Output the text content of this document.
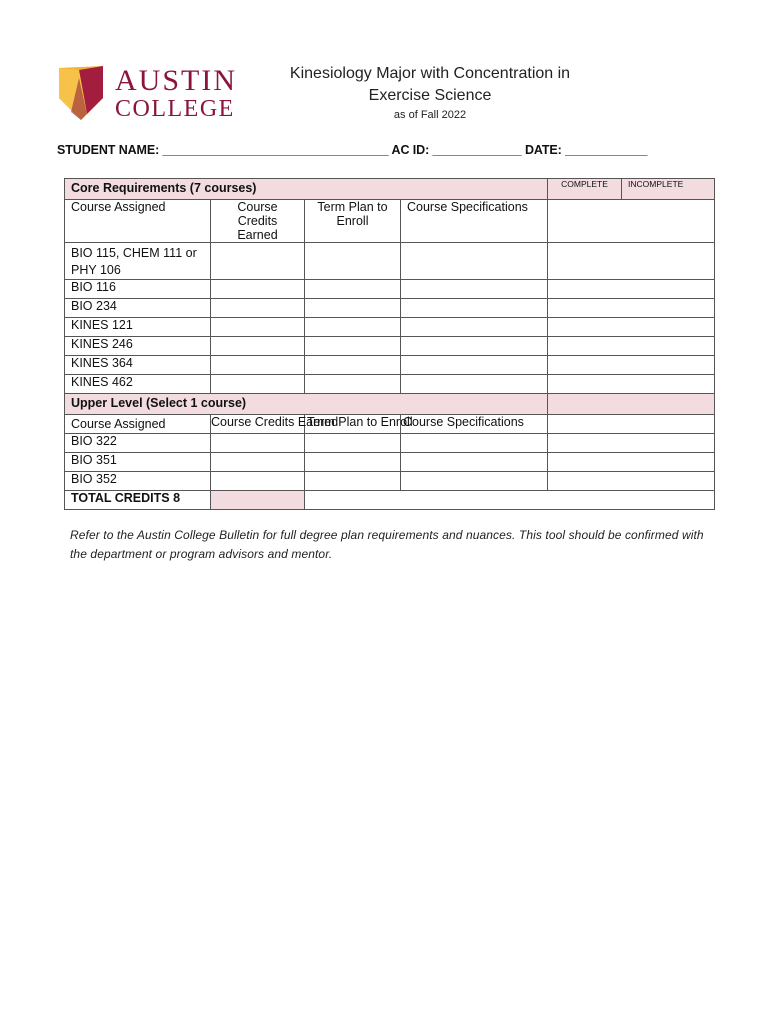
AUSTIN
COLLEGE
Kinesiology Major with Concentration in Exercise Science
as of Fall 2022
STUDENT NAME: _________________________________ AC ID: _____________ DATE: ____________
Core Requirements (7 courses)				COMPLETE	INCOMPLETE
Course Assigned	Course Credits Earned	Term Plan to Enroll	Course Specifications		
BIO 115, CHEM 111 or PHY 106					
BIO 116					
BIO 234					
KINES 121					
KINES 246					
KINES 364					
KINES 462					
Upper Level (Select 1 course)					
Course Assigned	Course Credits Earned	Term Plan to Enroll	Course Specifications		
BIO 322					
BIO 351					
BIO 352					
TOTAL CREDITS 8					
Refer to the Austin College Bulletin for full degree plan requirements and nuances. This tool should be confirmed with the department or program advisors and mentor.
